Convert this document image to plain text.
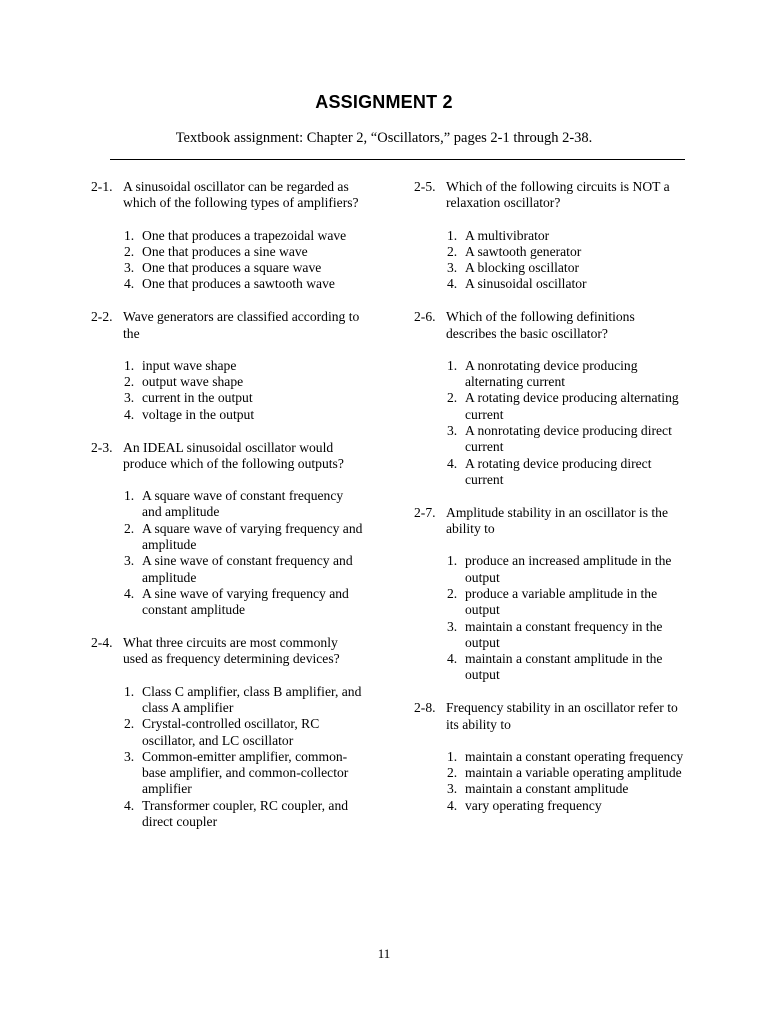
ASSIGNMENT 2
Textbook assignment: Chapter 2, “Oscillators,” pages 2-1 through 2-38.
2-1. A sinusoidal oscillator can be regarded as which of the following types of amplifiers?
1. One that produces a trapezoidal wave
2. One that produces a sine wave
3. One that produces a square wave
4. One that produces a sawtooth wave
2-2. Wave generators are classified according to the
1. input wave shape
2. output wave shape
3. current in the output
4. voltage in the output
2-3. An IDEAL sinusoidal oscillator would produce which of the following outputs?
1. A square wave of constant frequency and amplitude
2. A square wave of varying frequency and amplitude
3. A sine wave of constant frequency and amplitude
4. A sine wave of varying frequency and constant amplitude
2-4. What three circuits are most commonly used as frequency determining devices?
1. Class C amplifier, class B amplifier, and class A amplifier
2. Crystal-controlled oscillator, RC oscillator, and LC oscillator
3. Common-emitter amplifier, common-base amplifier, and common-collector amplifier
4. Transformer coupler, RC coupler, and direct coupler
2-5. Which of the following circuits is NOT a relaxation oscillator?
1. A multivibrator
2. A sawtooth generator
3. A blocking oscillator
4. A sinusoidal oscillator
2-6. Which of the following definitions describes the basic oscillator?
1. A nonrotating device producing alternating current
2. A rotating device producing alternating current
3. A nonrotating device producing direct current
4. A rotating device producing direct current
2-7. Amplitude stability in an oscillator is the ability to
1. produce an increased amplitude in the output
2. produce a variable amplitude in the output
3. maintain a constant frequency in the output
4. maintain a constant amplitude in the output
2-8. Frequency stability in an oscillator refer to its ability to
1. maintain a constant operating frequency
2. maintain a variable operating amplitude
3. maintain a constant amplitude
4. vary operating frequency
11
